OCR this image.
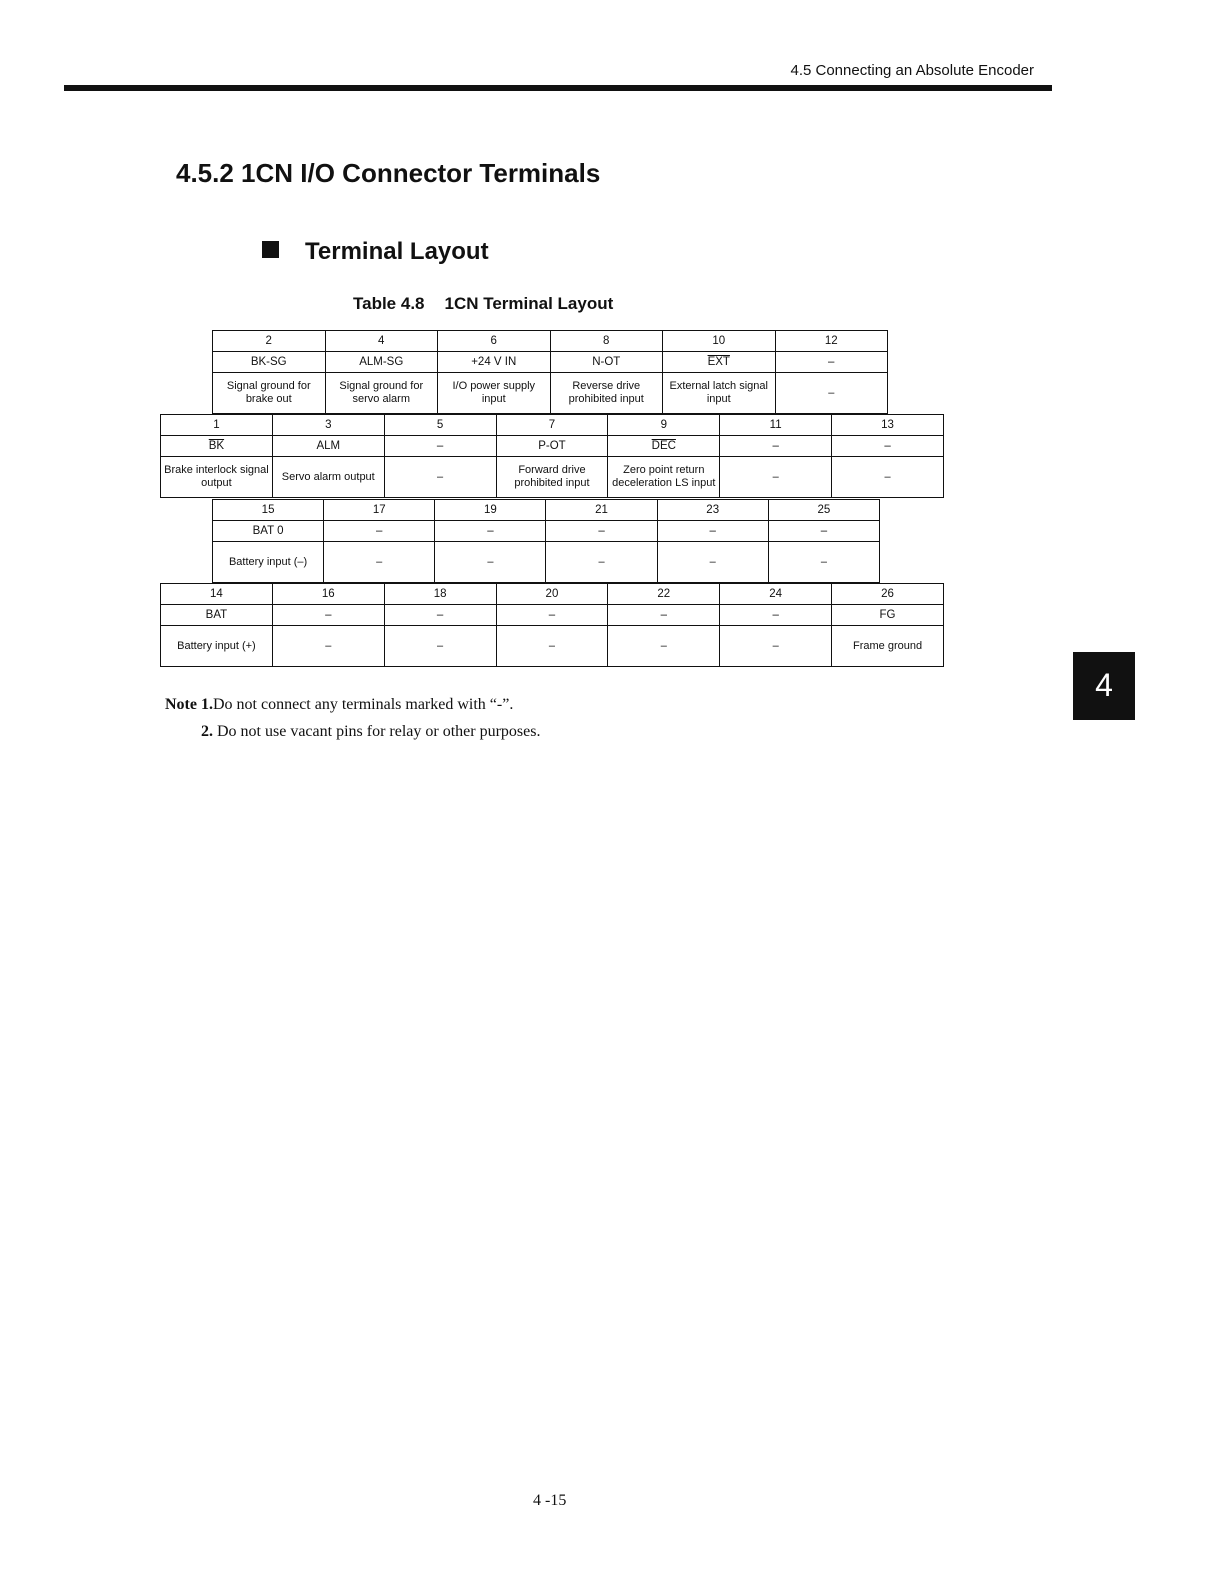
4.5 Connecting an Absolute Encoder
4.5.2 1CN I/O Connector Terminals
Terminal Layout
Table 4.8 1CN Terminal Layout
2	4	6	8	10	12
BK-SG	ALM-SG	+24 V IN	N-OT	$\overline{EXT}$	–
Signal ground for brake out	Signal ground for servo alarm	I/O power supply input	Reverse drive prohibited input	External latch signal input	–
1	3	5	7	9	11	13
$\overline{BK}$	ALM	–	P-OT	$\overline{DEC}$	–	–
Brake interlock signal output	Servo alarm output	–	Forward drive prohibited input	Zero point return deceleration LS input	–	–
15	17	19	21	23	25
BAT 0	–	–	–	–	–
Battery input (–)	–	–	–	–	–
14	16	18	20	22	24	26
BAT	–	–	–	–	–	FG
Battery input (+)	–	–	–	–	–	Frame ground
Note 1.Do not connect any terminals marked with “-”.
2. Do not use vacant pins for relay or other purposes.
4
4 -15
